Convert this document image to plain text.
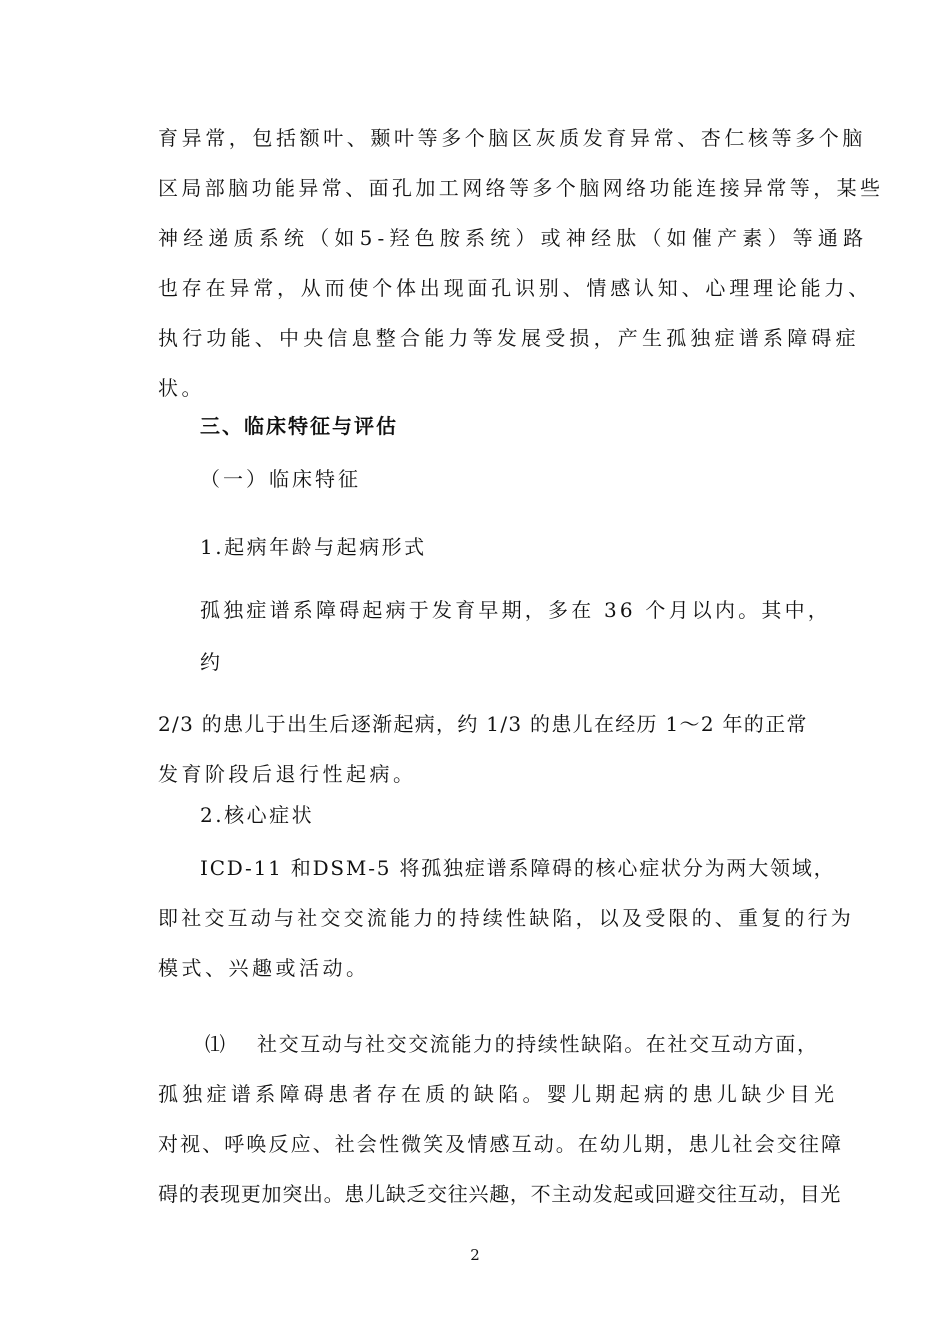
育异常，包括额叶、颞叶等多个脑区灰质发育异常、杏仁核等多个脑
区局部脑功能异常、面孔加工网络等多个脑网络功能连接异常等，某些
神经递质系统（如5-羟色胺系统）或神经肽（如催产素）等通路
也存在异常，从而使个体出现面孔识别、情感认知、心理理论能力、
执行功能、中央信息整合能力等发展受损，产生孤独症谱系障碍症
状。
三、临床特征与评估
（一）临床特征
1.起病年龄与起病形式
孤独症谱系障碍起病于发育早期，多在 36 个月以内。其中，
约
2/3 的患儿于出生后逐渐起病，约 1/3 的患儿在经历 1～2 年的正常
发育阶段后退行性起病。
2.核心症状
ICD-11 和DSM-5 将孤独症谱系障碍的核心症状分为两大领域，
即社交互动与社交交流能力的持续性缺陷，以及受限的、重复的行为
模式、兴趣或活动。
⑴ 社交互动与社交交流能力的持续性缺陷。在社交互动方面，
孤独症谱系障碍患者存在质的缺陷。婴儿期起病的患儿缺少目光
对视、呼唤反应、社会性微笑及情感互动。在幼儿期，患儿社会交往障
碍的表现更加突出。患儿缺乏交往兴趣，不主动发起或回避交往互动，目光
2
